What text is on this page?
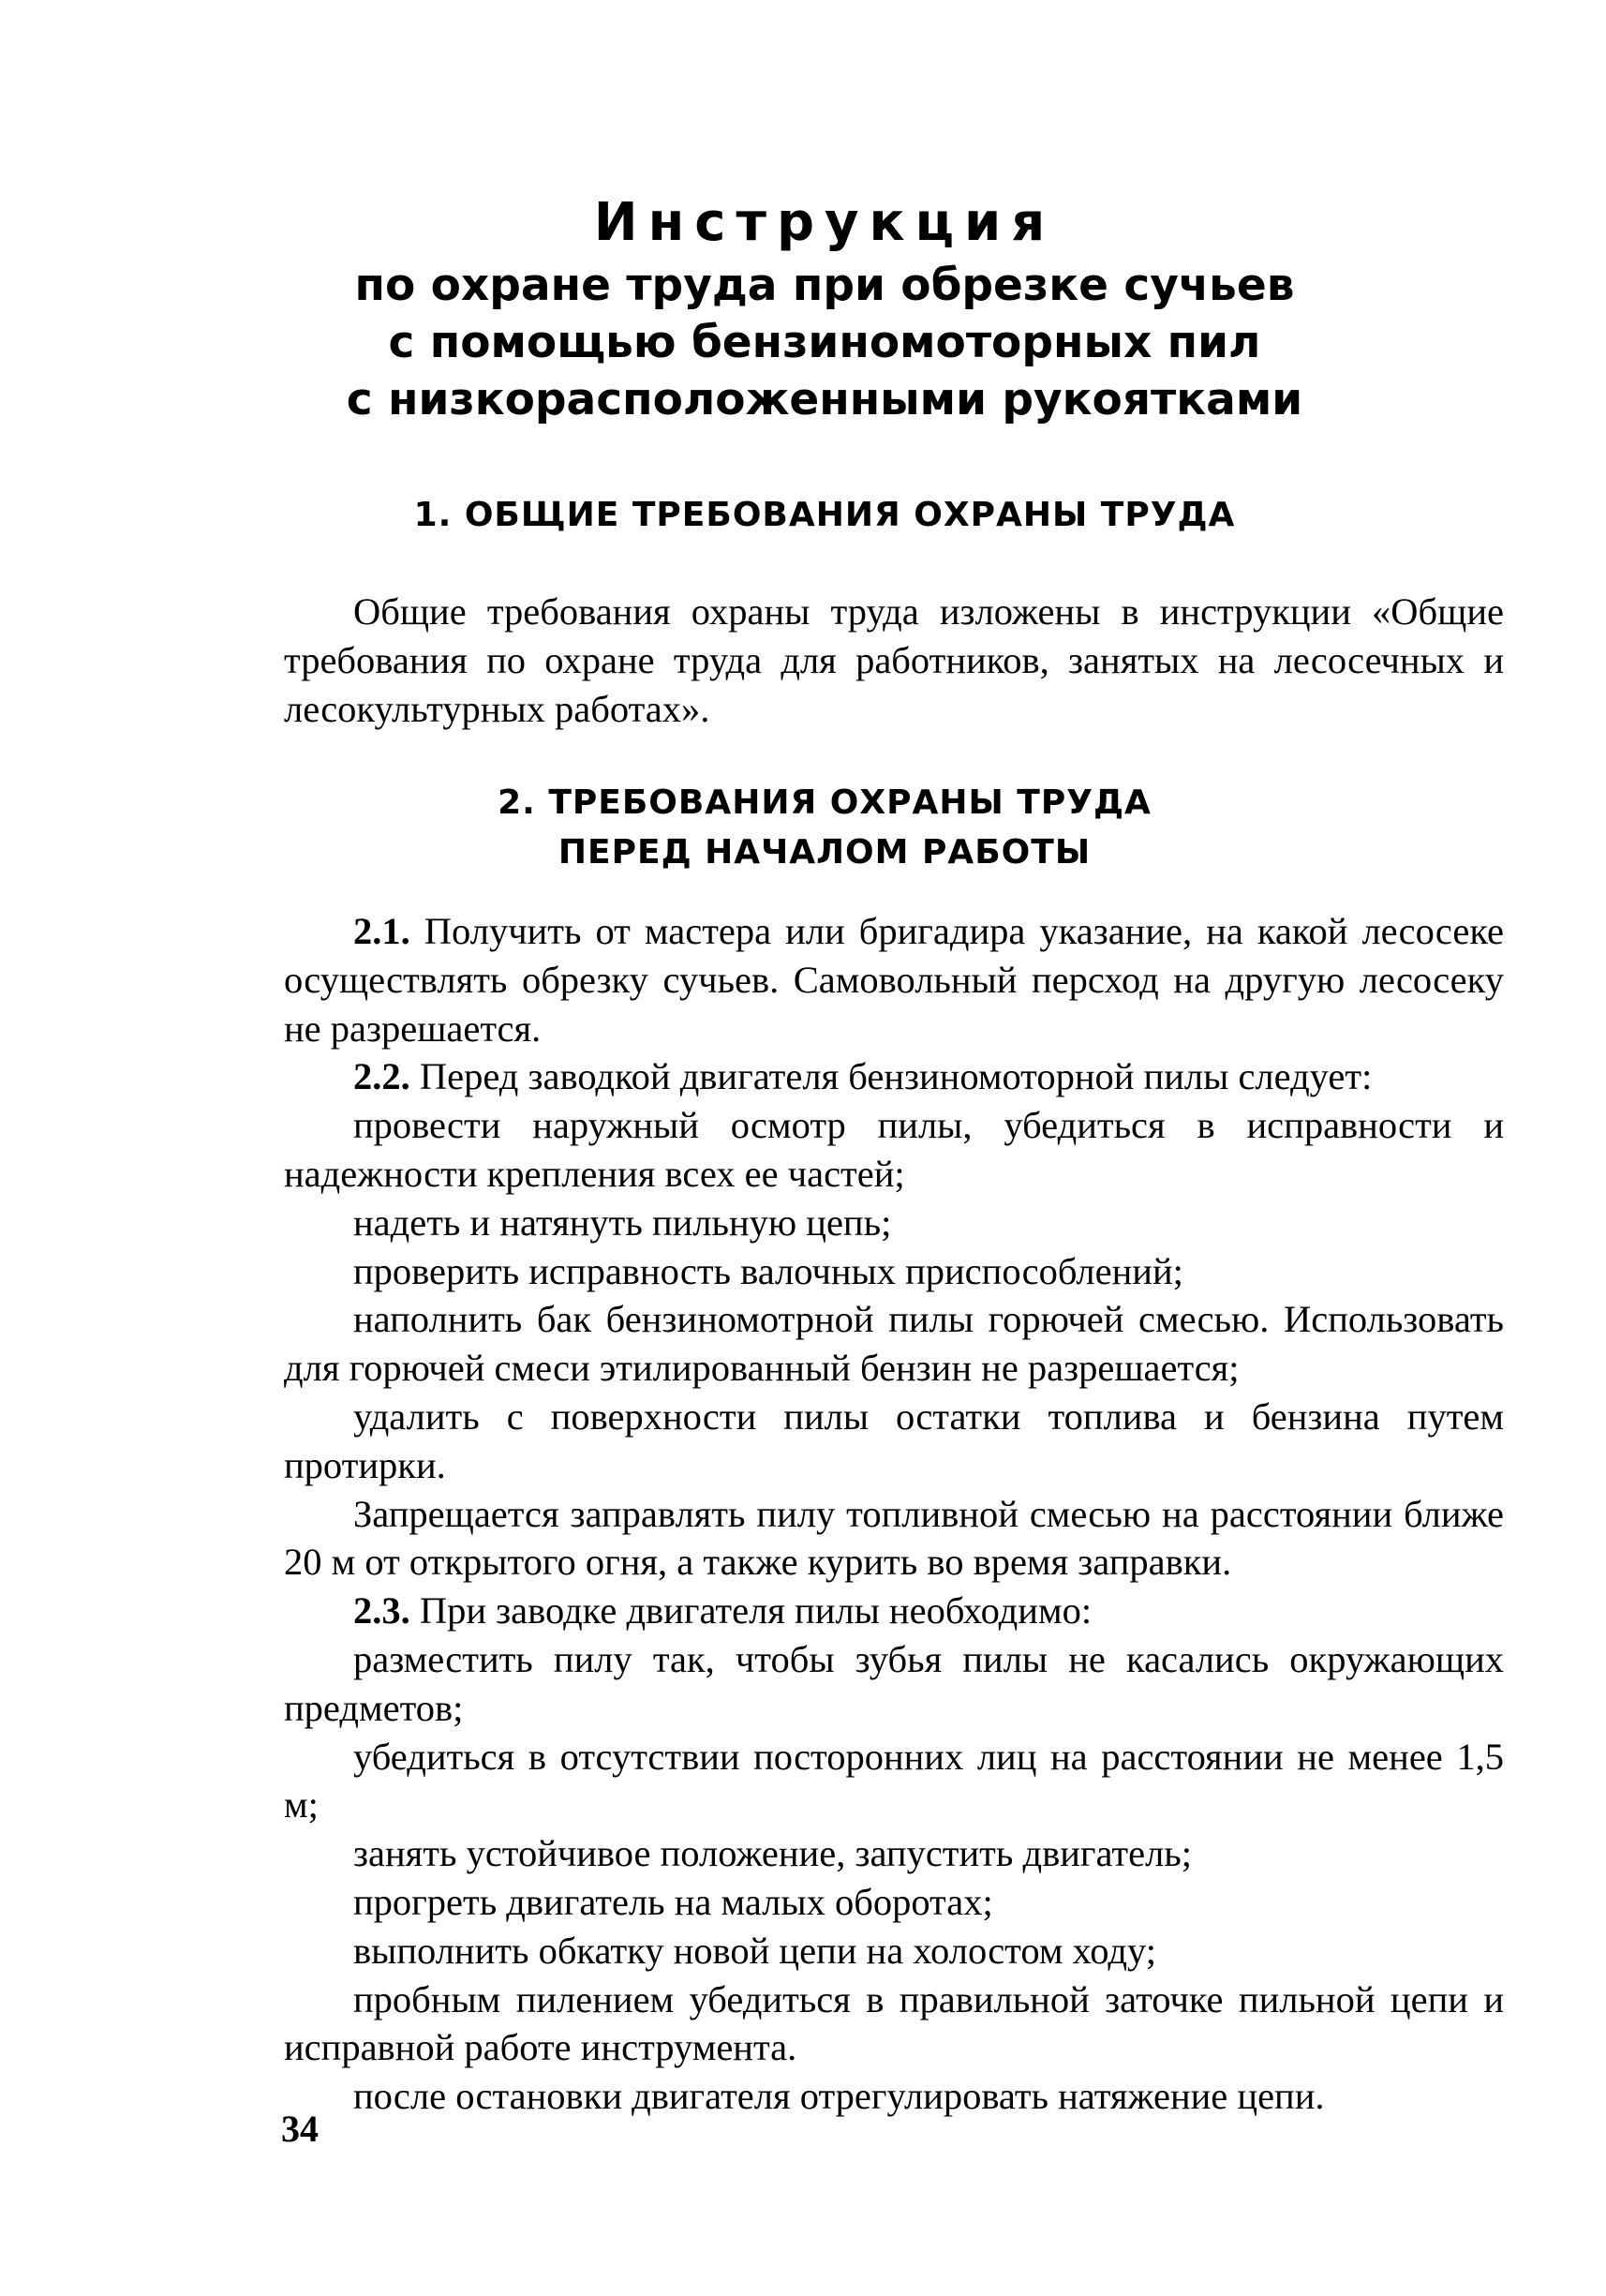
Инструкция
по охране труда при обрезке сучьев
с помощью бензиномоторных пил
с низкорасположенными рукоятками
1. ОБЩИЕ ТРЕБОВАНИЯ ОХРАНЫ ТРУДА

Общие требования охраны труда изложены в инструкции «Общие требования по охране труда для работников, занятых на лесосечных и лесокультурных работах».

2. ТРЕБОВАНИЯ ОХРАНЫ ТРУДА
ПЕРЕД НАЧАЛОМ РАБОТЫ

2.1. Получить от мастера или бригадира указание, на какой лесосеке осуществлять обрезку сучьев. Самовольный персход на другую лесосеку не разрешается.

2.2. Перед заводкой двигателя бензиномоторной пилы следует:

провести наружный осмотр пилы, убедиться в исправности и надежности крепления всех ее частей;

надеть и натянуть пильную цепь;

проверить исправность валочных приспособлений;

наполнить бак бензиномотрной пилы горючей смесью. Использовать для горючей смеси этилированный бензин не разрешается;

удалить с поверхности пилы остатки топлива и бензина путем протирки.

Запрещается заправлять пилу топливной смесью на расстоянии ближе 20 м от открытого огня, а также курить во время заправки.

2.3. При заводке двигателя пилы необходимо:

разместить пилу так, чтобы зубья пилы не касались окружающих предметов;

убедиться в отсутствии посторонних лиц на расстоянии не менее 1,5 м;

занять устойчивое положение, запустить двигатель;

прогреть двигатель на малых оборотах;

выполнить обкатку новой цепи на холостом ходу;

пробным пилением убедиться в правильной заточке пильной цепи и исправной работе инструмента.

после остановки двигателя отрегулировать натяжение цепи.

34
